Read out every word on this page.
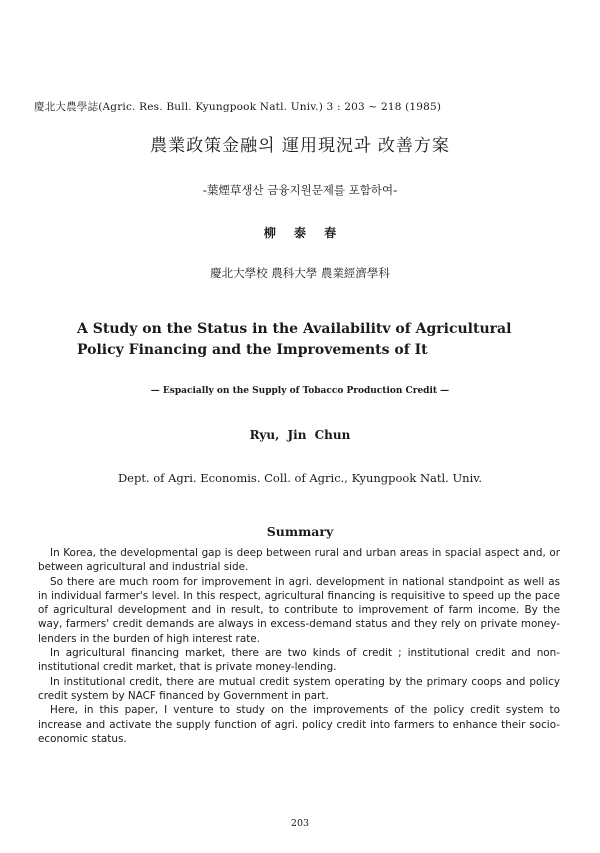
慶北大農學誌(Agric. Res. Bull. Kyungpook Natl. Univ.) 3 : 203 ~ 218 (1985)
農業政策金融의 運用現況과 改善方案
-葉煙草생산 금융지원문제를 포함하여-
柳 泰 春
慶北大學校 農科大學 農業經濟學科
A Study on the Status in the Availabilitv of Agricultural Policy Financing and the Improvements of It
— Espacially on the Supply of Tobacco Production Credit —
Ryu, Jin Chun
Dept. of Agri. Economis. Coll. of Agric., Kyungpook Natl. Univ.
Summary

In Korea, the developmental gap is deep between rural and urban areas in spacial aspect and, or between agricultural and industrial side.

So there are much room for improvement in agri. development in national standpoint as well as in individual farmer's level. In this respect, agricultural financing is requisitive to speed up the pace of agricultural development and in result, to contribute to improvement of farm income. By the way, farmers' credit demands are always in excess-demand status and they rely on private money-lenders in the burden of high interest rate.

In agricultural financing market, there are two kinds of credit ; institutional credit and non-institutional credit market, that is private money-lending.

In institutional credit, there are mutual credit system operating by the primary coops and policy credit system by NACF financed by Government in part.

Here, in this paper, I venture to study on the improvements of the policy credit system to increase and activate the supply function of agri. policy credit into farmers to enhance their socio-economic status.

203
